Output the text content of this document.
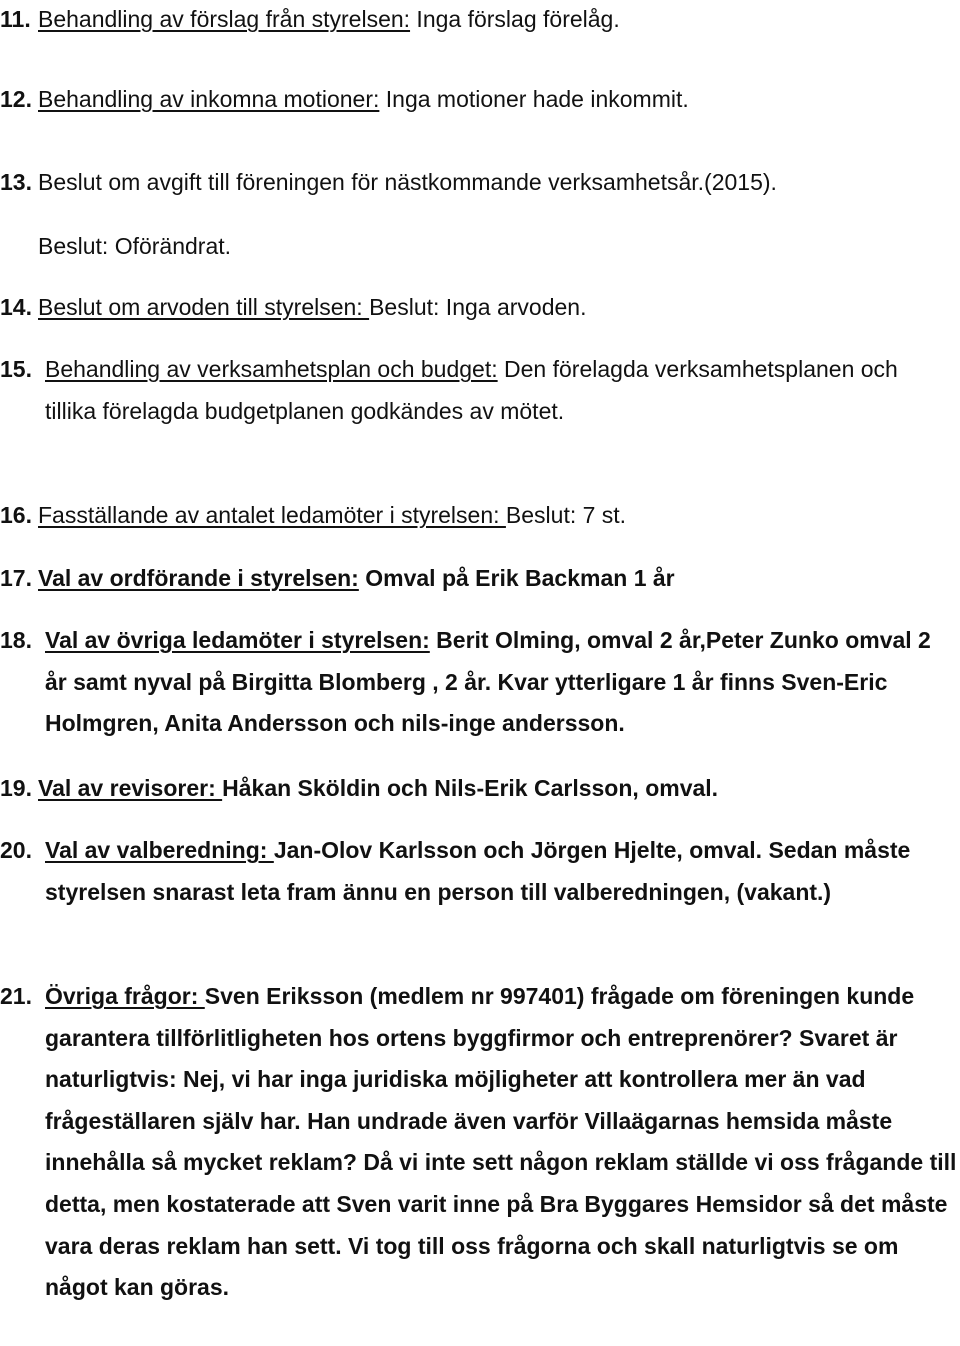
11. Behandling av förslag från styrelsen: Inga förslag förelåg.
12. Behandling av inkomna motioner: Inga motioner hade inkommit.
13. Beslut om avgift till föreningen för nästkommande verksamhetsår.(2015).
Beslut: Oförändrat.
14. Beslut om arvoden till styrelsen: Beslut: Inga arvoden.
15. Behandling av verksamhetsplan och budget: Den förelagda verksamhetsplanen och tillika förelagda budgetplanen godkändes av mötet.
16. Fasställande av antalet ledamöter i styrelsen: Beslut: 7 st.
17. Val av ordförande i styrelsen: Omval på Erik Backman 1 år
18. Val av övriga ledamöter i styrelsen: Berit Olming, omval 2 år,Peter Zunko omval 2 år samt nyval på Birgitta Blomberg , 2 år. Kvar ytterligare 1 år finns Sven-Eric Holmgren, Anita Andersson och nils-inge andersson.
19. Val av revisorer: Håkan Sköldin och Nils-Erik Carlsson, omval.
20. Val av valberedning: Jan-Olov Karlsson och Jörgen Hjelte, omval. Sedan måste styrelsen snarast leta fram ännu en person till valberedningen, (vakant.)
21. Övriga frågor: Sven Eriksson (medlem nr 997401) frågade om föreningen kunde garantera tillförlitligheten hos ortens byggfirmor och entreprenörer? Svaret är naturligtvis: Nej, vi har inga juridiska möjligheter att kontrollera mer än vad frågeställaren själv har. Han undrade även varför Villaägarnas hemsida måste innehålla så mycket reklam? Då vi inte sett någon reklam ställde vi oss frågande till detta, men kostaterade att Sven varit inne på Bra Byggares Hemsidor så det måste vara deras reklam han sett. Vi tog till oss frågorna och skall naturligtvis se om något kan göras.
